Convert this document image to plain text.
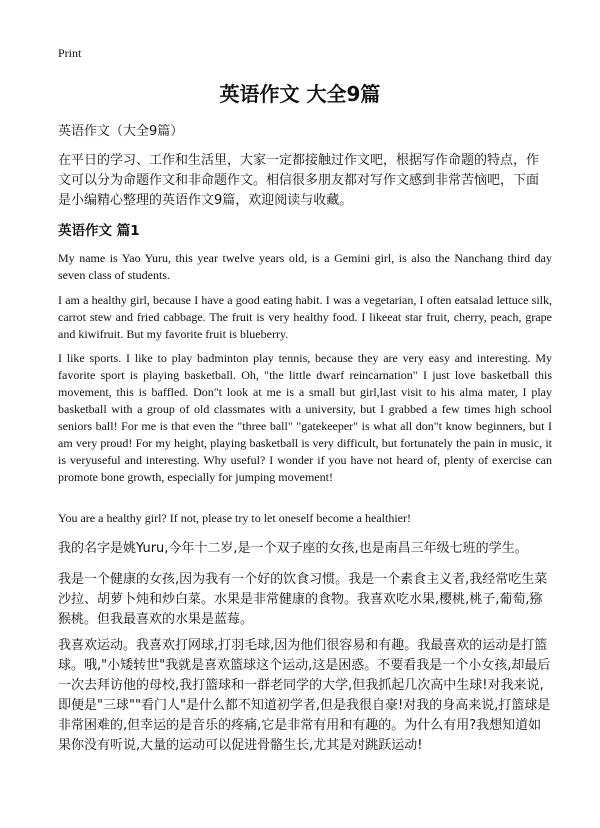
Print
英语作文 大全9篇
英语作文（大全9篇）
在平日的学习、工作和生活里，大家一定都接触过作文吧，根据写作命题的特点，作文可以分为命题作文和非命题作文。相信很多朋友都对写作文感到非常苦恼吧，下面是小编精心整理的英语作文9篇，欢迎阅读与收藏。
英语作文 篇1
My name is Yao Yuru, this year twelve years old, is a Gemini girl, is also the Nanchang third day seven class of students.
I am a healthy girl, because I have a good eating habit. I was a vegetarian, I often eatsalad lettuce silk, carrot stew and fried cabbage. The fruit is very healthy food. I likeeat star fruit, cherry, peach, grape and kiwifruit. But my favorite fruit is blueberry.
I like sports. I like to play badminton play tennis, because they are very easy and interesting. My favorite sport is playing basketball. Oh, "the little dwarf reincarnation" I just love basketball this movement, this is baffled. Don"t look at me is a small but girl,last visit to his alma mater, I play basketball with a group of old classmates with a university, but I grabbed a few times high school seniors ball! For me is that even the "three ball" "gatekeeper" is what all don"t know beginners, but I am very proud! For my height, playing basketball is very difficult, but fortunately the pain in music, it is veryuseful and interesting. Why useful? I wonder if you have not heard of, plenty of exercise can promote bone growth, especially for jumping movement!
You are a healthy girl? If not, please try to let oneself become a healthier!
我的名字是姚Yuru,今年十二岁,是一个双子座的女孩,也是南昌三年级七班的学生。
我是一个健康的女孩,因为我有一个好的饮食习惯。我是一个素食主义者,我经常吃生菜沙拉、胡萝卜炖和炒白菜。水果是非常健康的食物。我喜欢吃水果,樱桃,桃子,葡萄,猕猴桃。但我最喜欢的水果是蓝莓。
我喜欢运动。我喜欢打网球,打羽毛球,因为他们很容易和有趣。我最喜欢的运动是打篮球。哦,"小矮转世"我就是喜欢篮球这个运动,这是困惑。不要看我是一个小女孩,却最后一次去拜访他的母校,我打篮球和一群老同学的大学,但我抓起几次高中生球!对我来说,即便是"三球""看门人"是什么都不知道初学者,但是我很自豪!对我的身高来说,打篮球是非常困难的,但幸运的是音乐的疼痛,它是非常有用和有趣的。为什么有用?我想知道如果你没有听说,大量的运动可以促进骨骼生长,尤其是对跳跃运动!
